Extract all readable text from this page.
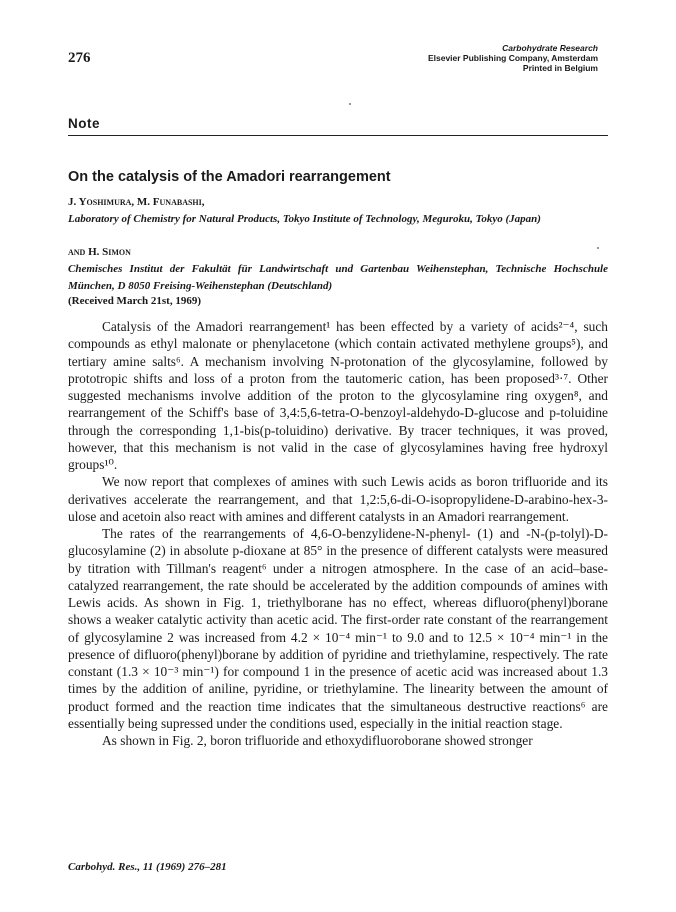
276
Carbohydrate Research
Elsevier Publishing Company, Amsterdam
Printed in Belgium
Note
On the catalysis of the Amadori rearrangement
J. Yoshimura, M. Funabashi,
Laboratory of Chemistry for Natural Products, Tokyo Institute of Technology, Meguroku, Tokyo (Japan)
and H. Simon
Chemisches Institut der Fakultät für Landwirtschaft und Gartenbau Weihenstephan, Technische Hochschule München, D 8050 Freising-Weihenstephan (Deutschland)
(Received March 21st, 1969)

Catalysis of the Amadori rearrangement¹ has been effected by a variety of acids²⁻⁴, such compounds as ethyl malonate or phenylacetone (which contain activated methylene groups⁵), and tertiary amine salts⁶. A mechanism involving N-protonation of the glycosylamine, followed by prototropic shifts and loss of a proton from the tautomeric cation, has been proposed³·⁷. Other suggested mechanisms involve addition of the proton to the glycosylamine ring oxygen⁸, and rearrangement of the Schiff's base of 3,4:5,6-tetra-O-benzoyl-aldehydo-D-glucose and p-toluidine through the corresponding 1,1-bis(p-toluidino) derivative. By tracer techniques, it was proved, however, that this mechanism is not valid in the case of glycosylamines having free hydroxyl groups¹⁰.

We now report that complexes of amines with such Lewis acids as boron trifluoride and its derivatives accelerate the rearrangement, and that 1,2:5,6-di-O-isopropylidene-D-arabino-hex-3-ulose and acetoin also react with amines and different catalysts in an Amadori rearrangement.

The rates of the rearrangements of 4,6-O-benzylidene-N-phenyl- (1) and -N-(p-tolyl)-D-glucosylamine (2) in absolute p-dioxane at 85° in the presence of different catalysts were measured by titration with Tillman's reagent⁶ under a nitrogen atmosphere. In the case of an acid–base-catalyzed rearrangement, the rate should be accelerated by the addition compounds of amines with Lewis acids. As shown in Fig. 1, triethylborane has no effect, whereas difluoro(phenyl)borane shows a weaker catalytic activity than acetic acid. The first-order rate constant of the rearrangement of glycosylamine 2 was increased from 4.2 × 10⁻⁴ min⁻¹ to 9.0 and to 12.5 × 10⁻⁴ min⁻¹ in the presence of difluoro(phenyl)borane by addition of pyridine and triethylamine, respectively. The rate constant (1.3 × 10⁻³ min⁻¹) for compound 1 in the presence of acetic acid was increased about 1.3 times by the addition of aniline, pyridine, or triethylamine. The linearity between the amount of product formed and the reaction time indicates that the simultaneous destructive reactions⁶ are essentially being supressed under the conditions used, especially in the initial reaction stage.

As shown in Fig. 2, boron trifluoride and ethoxydifluoroborane showed stronger

Carbohyd. Res., 11 (1969) 276–281
